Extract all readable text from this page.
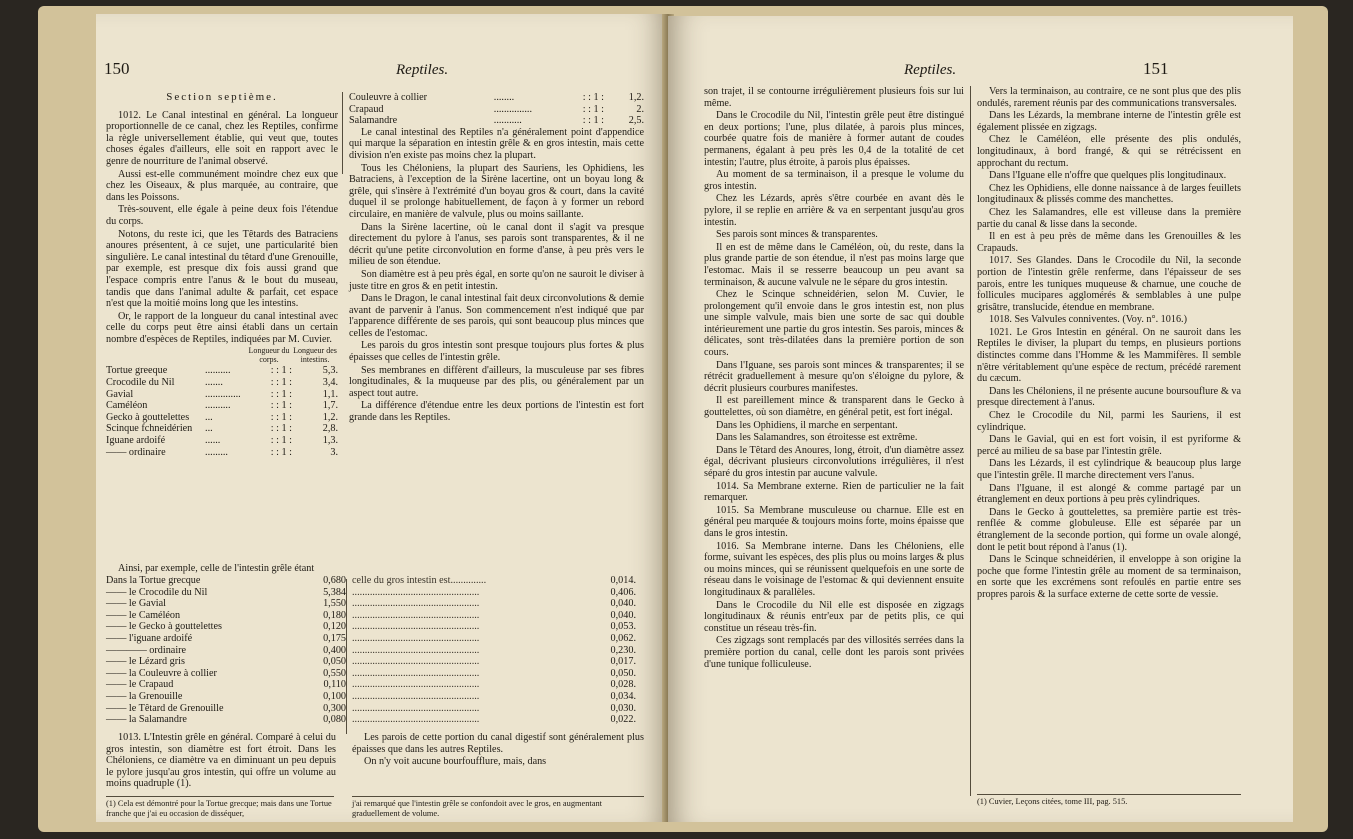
150	Reptiles.
Section septième.

1012. Le Canal intestinal en général. La longueur proportionnelle de ce canal, chez les Reptiles, confirme la règle universellement établie, qui veut que, toutes choses égales d'ailleurs, elle soit en rapport avec le genre de nourriture de l'animal observé.

Aussi est-elle communément moindre chez eux que chez les Oiseaux, & plus marquée, au contraire, que dans les Poissons.

Très-souvent, elle égale à peine deux fois l'étendue du corps.

Notons, du reste ici, que les Têtards des Batraciens anoures présentent, à ce sujet, une particularité bien singulière. Le canal intestinal du têtard d'une Grenouille, par exemple, est presque dix fois aussi grand que l'espace compris entre l'anus & le bout du museau, tandis que dans l'animal adulte & parfait, cet espace n'est que la moitié moins long que les intestins.

Or, le rapport de la longueur du canal intestinal avec celle du corps peut être ainsi établi dans un certain nombre d'espèces de Reptiles, indiquées par M. Cuvier.

		Longueur du corps.	Longueur des intestins.
Tortue greeque	..........	: : 1 :	5,3.
Crocodile du Nil	.......	: : 1 :	3,4.
Gavial	..............	: : 1 :	1,1.
Caméléon	..........	: : 1 :	1,7.
Gecko à gouttelettes	...	: : 1 :	1,2.
Scinque fchneidérien	...	: : 1 :	2,8.
Iguane ardoifé	......	: : 1 :	1,3.
—— ordinaire	.........	: : 1 :	3.
Couleuvre à collier	........	: : 1 :	1,2.
Crapaud	...............	: : 1 :	2.
Salamandre	...........	: : 1 :	2,5.

Le canal intestinal des Reptiles n'a généralement point d'appendice qui marque la séparation en intestin grêle & en gros intestin, mais cette division n'en existe pas moins chez la plupart.

Tous les Chéloniens, la plupart des Sauriens, les Ophidiens, les Batraciens, à l'exception de la Sirène lacertine, ont un boyau long & grêle, qui s'insère à l'extrémité d'un boyau gros & court, dans la cavité duquel il se prolonge habituellement, de façon à y former un rebord circulaire, en manière de valvule, plus ou moins saillante.

Dans la Sirène lacertine, où le canal dont il s'agit va presque directement du pylore à l'anus, ses parois sont transparentes, & il ne décrit qu'une petite circonvolution en forme d'anse, à peu près vers le milieu de son étendue.

Son diamètre est à peu près égal, en sorte qu'on ne sauroit le diviser à juste titre en gros & en petit intestin.

Dans le Dragon, le canal intestinal fait deux circonvolutions & demie avant de parvenir à l'anus. Son commencement n'est indiqué que par l'apparence différente de ses parois, qui sont beaucoup plus minces que celles de l'estomac.

Les parois du gros intestin sont presque toujours plus fortes & plus épaisses que celles de l'intestin grêle.

Ses membranes en diffèrent d'ailleurs, la musculeuse par ses fibres longitudinales, & la muqueuse par des plis, ou généralement par un aspect tout autre.

La différence d'étendue entre les deux portions de l'intestin est fort grande dans les Reptiles.

Ainsi, par exemple, celle de l'intestin grêle étant

Dans la Tortue grecque	0,680	celle du gros intestin est..............	0,014.
—— le Crocodile du Nil	5,384	..................................................	0,406.
—— le Gavial	1,550	..................................................	0,040.
—— le Caméléon	0,180	..................................................	0,040.
—— le Gecko à gouttelettes	0,120	..................................................	0,053.
—— l'iguane ardoifé	0,175	..................................................	0,062.
———— ordinaire	0,400	..................................................	0,230.
—— le Lézard gris	0,050	..................................................	0,017.
—— la Couleuvre à collier	0,550	..................................................	0,050.
—— le Crapaud	0,110	..................................................	0,028.
—— la Grenouille	0,100	..................................................	0,034.
—— le Têtard de Grenouille	0,300	..................................................	0,030.
—— la Salamandre	0,080	..................................................	0,022.

1013. L'Intestin grêle en général. Comparé à celui du gros intestin, son diamètre est fort étroit. Dans les Chéloniens, ce diamètre va en diminuant un peu depuis le pylore jusqu'au gros intestin, qui offre un volume au moins quadruple (1).

Les parois de cette portion du canal digestif sont généralement plus épaisses que dans les autres Reptiles.

On n'y voit aucune bourfoufflure, mais, dans

(1) Cela est démontré pour la Tortue grecque; mais dans une Tortue franche que j'ai eu occasion de disséquer,
j'ai remarqué que l'intestin grêle se confondoit avec le gros, en augmentant graduellement de volume.
Reptiles.	151

son trajet, il se contourne irrégulièrement plusieurs fois sur lui même.

Dans le Crocodile du Nil, l'intestin grêle peut être distingué en deux portions; l'une, plus dilatée, à parois plus minces, courbée quatre fois de manière à former autant de coudes permanens, égalant à peu près les 0,4 de la totalité de cet intestin; l'autre, plus étroite, à parois plus épaisses.

Au moment de sa terminaison, il a presque le volume du gros intestin.

Chez les Lézards, après s'être courbée en avant dès le pylore, il se replie en arrière & va en serpentant jusqu'au gros intestin.

Ses parois sont minces & transparentes.

Il en est de même dans le Caméléon, où, du reste, dans la plus grande partie de son étendue, il n'est pas moins large que l'estomac. Mais il se resserre beaucoup un peu avant sa terminaison, & aucune valvule ne le sépare du gros intestin.

Chez le Scinque schneidérien, selon M. Cuvier, le prolongement qu'il envoie dans le gros intestin est, non plus une simple valvule, mais bien une sorte de sac qui double intérieurement une partie du gros intestin. Ses parois, minces & délicates, sont très-dilatées dans la première portion de son cours.

Dans l'Iguane, ses parois sont minces & transparentes; il se rétrécit graduellement à mesure qu'on s'éloigne du pylore, & décrit plusieurs courbures manifestes.

Il est pareillement mince & transparent dans le Gecko à gouttelettes, où son diamètre, en général petit, est fort inégal.

Dans les Ophidiens, il marche en serpentant.

Dans les Salamandres, son étroitesse est extrême.

Dans le Têtard des Anoures, long, étroit, d'un diamètre assez égal, décrivant plusieurs circonvolutions irrégulières, il n'est séparé du gros intestin par aucune valvule.

1014. Sa Membrane externe. Rien de particulier ne la fait remarquer.

1015. Sa Membrane musculeuse ou charnue. Elle est en général peu marquée & toujours moins forte, moins épaisse que dans le gros intestin.

1016. Sa Membrane interne. Dans les Chéloniens, elle forme, suivant les espèces, des plis plus ou moins larges & plus ou moins minces, qui se réunissent quelquefois en une sorte de réseau dans le voisinage de l'estomac & qui deviennent ensuite longitudinaux & parallèles.

Dans le Crocodile du Nil elle est disposée en zigzags longitudinaux & réunis entr'eux par de petits plis, ce qui constitue un réseau très-fin.

Ces zigzags sont remplacés par des villosités serrées dans la première portion du canal, celle dont les parois sont privées d'une tunique folliculeuse.

Vers la terminaison, au contraire, ce ne sont plus que des plis ondulés, rarement réunis par des communications transversales.

Dans les Lézards, la membrane interne de l'intestin grêle est également plissée en zigzags.

Chez le Caméléon, elle présente des plis ondulés, longitudinaux, à bord frangé, & qui se rétrécissent en approchant du rectum.

Dans l'Iguane elle n'offre que quelques plis longitudinaux.

Chez les Ophidiens, elle donne naissance à de larges feuillets longitudinaux & plissés comme des manchettes.

Chez les Salamandres, elle est villeuse dans la première partie du canal & lisse dans la seconde.

Il en est à peu près de même dans les Grenouilles & les Crapauds.

1017. Ses Glandes. Dans le Crocodile du Nil, la seconde portion de l'intestin grêle renferme, dans l'épaisseur de ses parois, entre les tuniques muqueuse & charnue, une couche de follicules mucipares agglomérés & semblables à une pulpe grisâtre, translucide, étendue en membrane.

1018. Ses Valvules conniventes. (Voy. n°. 1016.)

1021. Le Gros Intestin en général. On ne sauroit dans les Reptiles le diviser, la plupart du temps, en plusieurs portions distinctes comme dans l'Homme & les Mammifères. Il semble n'être véritablement qu'une espèce de rectum, précédé rarement du cæcum.

Dans les Chéloniens, il ne présente aucune boursouflure & va presque directement à l'anus.

Chez le Crocodile du Nil, parmi les Sauriens, il est cylindrique.

Dans le Gavial, qui en est fort voisin, il est pyriforme & percé au milieu de sa base par l'intestin grêle.

Dans les Lézards, il est cylindrique & beaucoup plus large que l'intestin grêle. Il marche directement vers l'anus.

Dans l'Iguane, il est alongé & comme partagé par un étranglement en deux portions à peu près cylindriques.

Dans le Gecko à gouttelettes, sa première partie est très-renflée & comme globuleuse. Elle est séparée par un étranglement de la seconde portion, qui forme un ovale alongé, dont le petit bout répond à l'anus (1).

Dans le Scinque schneidérien, il enveloppe à son origine la poche que forme l'intestin grêle au moment de sa terminaison, en sorte que les excrémens sont refoulés en partie entre ses propres parois & la surface externe de cette sorte de vessie.

(1) Cuvier, Leçons citées, tome III, pag. 515.
